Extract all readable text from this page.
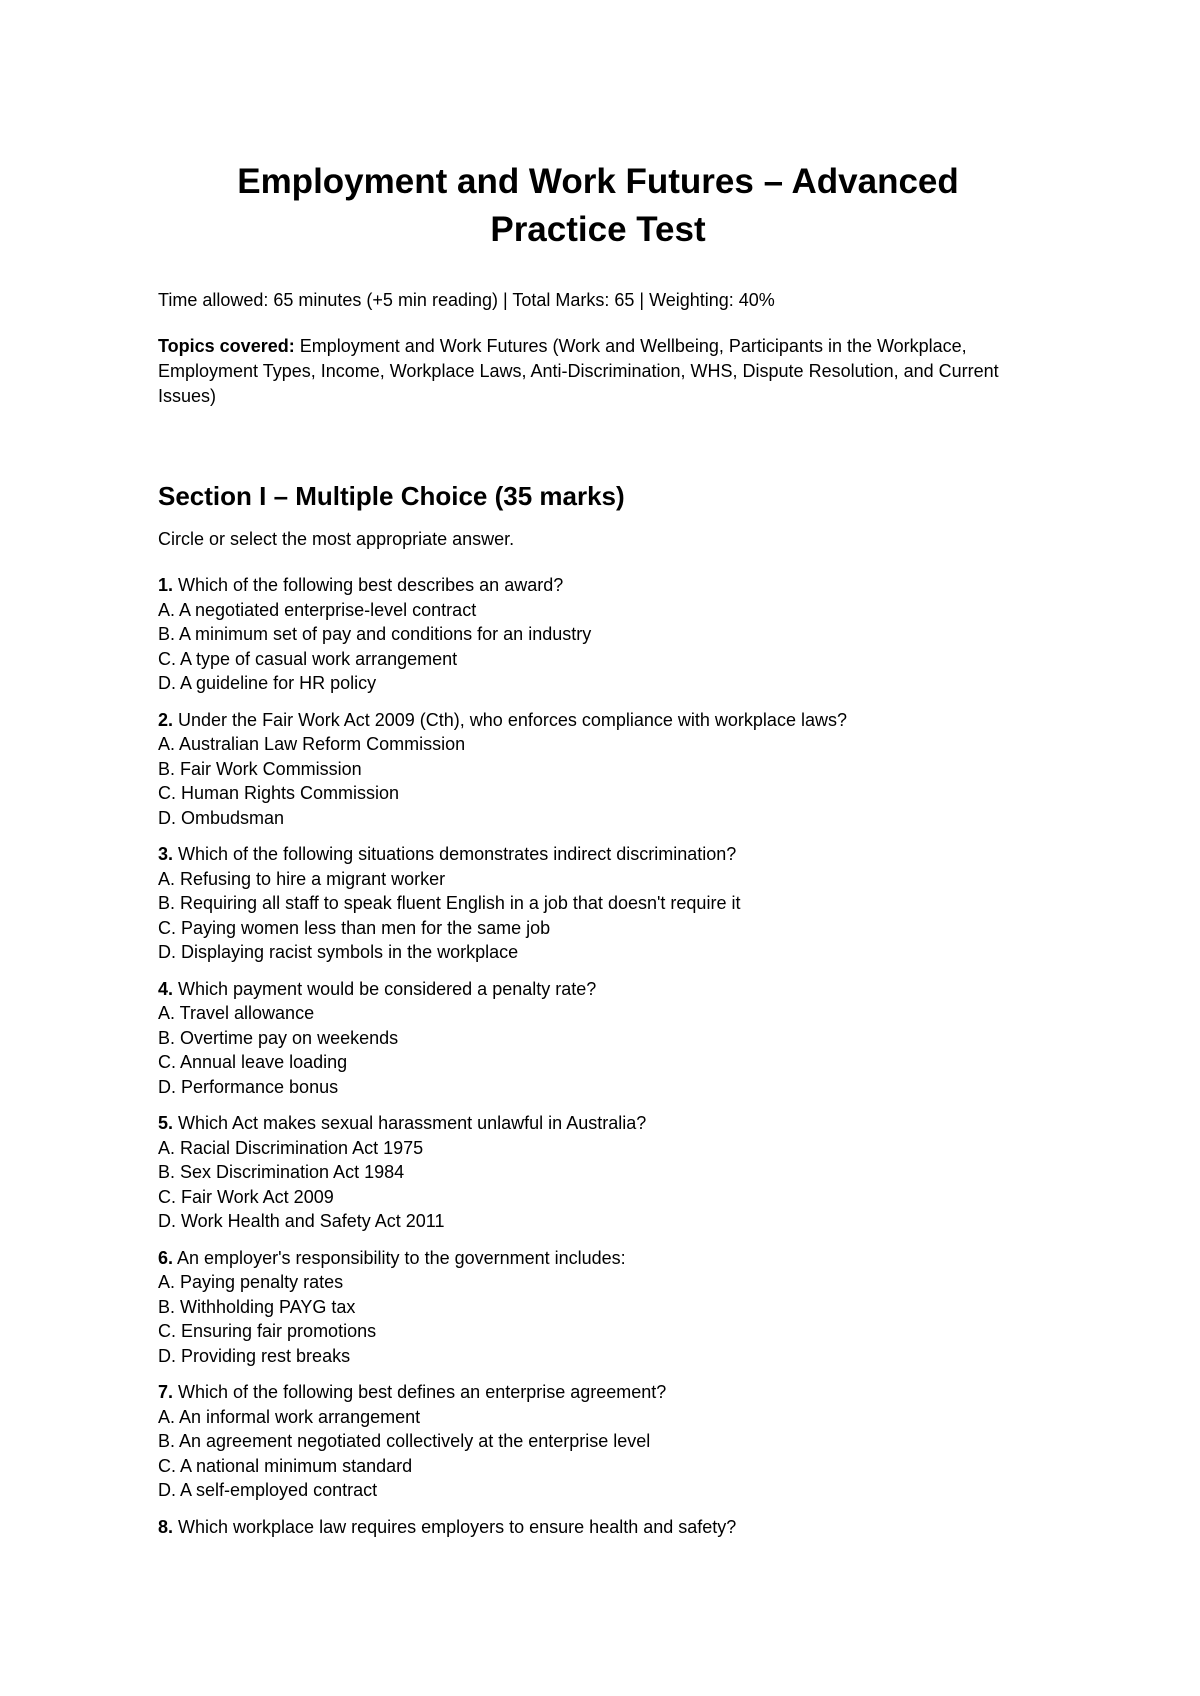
Employment and Work Futures – Advanced
Practice Test

Time allowed: 65 minutes (+5 min reading) | Total Marks: 65 | Weighting: 40%

Topics covered: Employment and Work Futures (Work and Wellbeing, Participants in the Workplace, Employment Types, Income, Workplace Laws, Anti-Discrimination, WHS, Dispute Resolution, and Current Issues)

Section I – Multiple Choice (35 marks)

Circle or select the most appropriate answer.

1. Which of the following best describes an award?
A. A negotiated enterprise-level contract
B. A minimum set of pay and conditions for an industry
C. A type of casual work arrangement
D. A guideline for HR policy
2. Under the Fair Work Act 2009 (Cth), who enforces compliance with workplace laws?
A. Australian Law Reform Commission
B. Fair Work Commission
C. Human Rights Commission
D. Ombudsman
3. Which of the following situations demonstrates indirect discrimination?
A. Refusing to hire a migrant worker
B. Requiring all staff to speak fluent English in a job that doesn't require it
C. Paying women less than men for the same job
D. Displaying racist symbols in the workplace
4. Which payment would be considered a penalty rate?
A. Travel allowance
B. Overtime pay on weekends
C. Annual leave loading
D. Performance bonus
5. Which Act makes sexual harassment unlawful in Australia?
A. Racial Discrimination Act 1975
B. Sex Discrimination Act 1984
C. Fair Work Act 2009
D. Work Health and Safety Act 2011
6. An employer's responsibility to the government includes:
A. Paying penalty rates
B. Withholding PAYG tax
C. Ensuring fair promotions
D. Providing rest breaks
7. Which of the following best defines an enterprise agreement?
A. An informal work arrangement
B. An agreement negotiated collectively at the enterprise level
C. A national minimum standard
D. A self-employed contract
8. Which workplace law requires employers to ensure health and safety?
